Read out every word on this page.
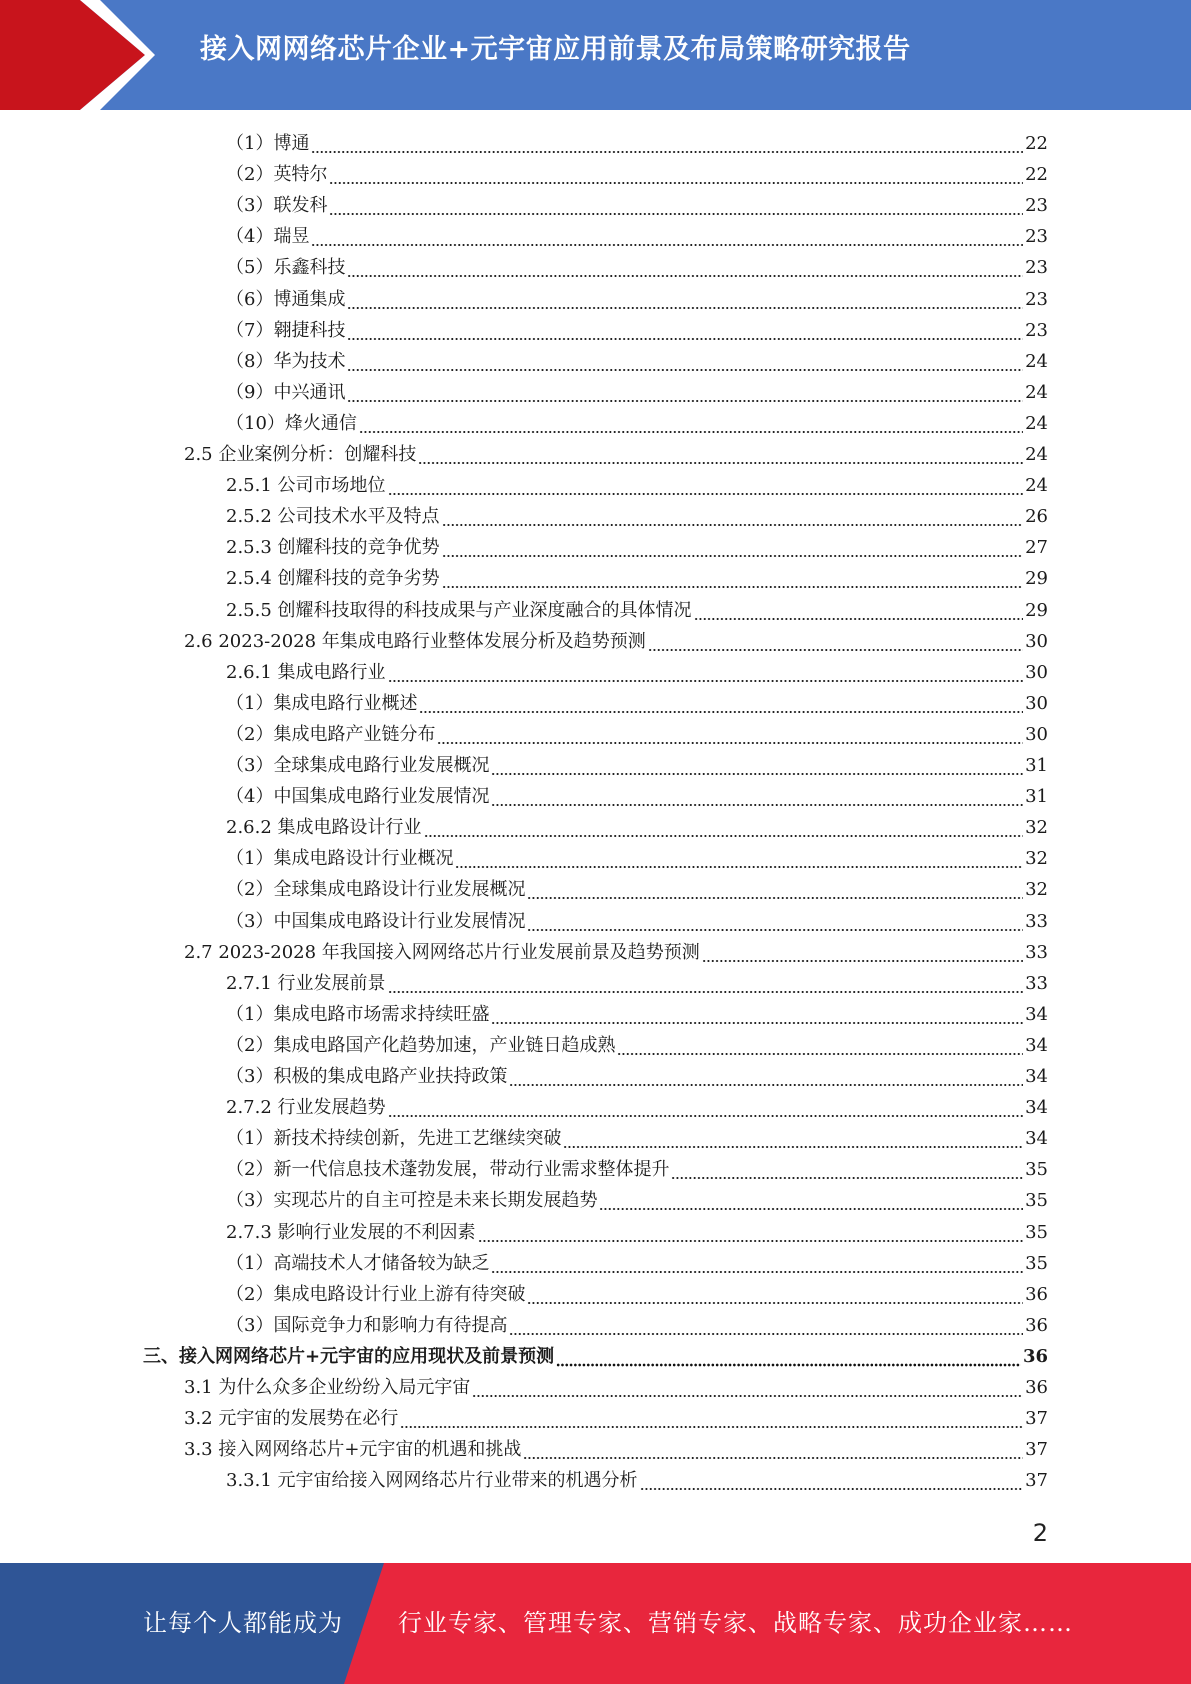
接入网网络芯片企业+元宇宙应用前景及布局策略研究报告
（1）博通	22
（2）英特尔	22
（3）联发科	23
（4）瑞昱	23
（5）乐鑫科技	23
（6）博通集成	23
（7）翱捷科技	23
（8）华为技术	24
（9）中兴通讯	24
（10）烽火通信	24
2.5 企业案例分析：创耀科技	24
2.5.1 公司市场地位	24
2.5.2 公司技术水平及特点	26
2.5.3 创耀科技的竞争优势	27
2.5.4 创耀科技的竞争劣势	29
2.5.5 创耀科技取得的科技成果与产业深度融合的具体情况	29
2.6 2023-2028 年集成电路行业整体发展分析及趋势预测	30
2.6.1 集成电路行业	30
（1）集成电路行业概述	30
（2）集成电路产业链分布	30
（3）全球集成电路行业发展概况	31
（4）中国集成电路行业发展情况	31
2.6.2 集成电路设计行业	32
（1）集成电路设计行业概况	32
（2）全球集成电路设计行业发展概况	32
（3）中国集成电路设计行业发展情况	33
2.7 2023-2028 年我国接入网网络芯片行业发展前景及趋势预测	33
2.7.1 行业发展前景	33
（1）集成电路市场需求持续旺盛	34
（2）集成电路国产化趋势加速，产业链日趋成熟	34
（3）积极的集成电路产业扶持政策	34
2.7.2 行业发展趋势	34
（1）新技术持续创新，先进工艺继续突破	34
（2）新一代信息技术蓬勃发展，带动行业需求整体提升	35
（3）实现芯片的自主可控是未来长期发展趋势	35
2.7.3 影响行业发展的不利因素	35
（1）高端技术人才储备较为缺乏	35
（2）集成电路设计行业上游有待突破	36
（3）国际竞争力和影响力有待提高	36
三、接入网网络芯片+元宇宙的应用现状及前景预测	36
3.1 为什么众多企业纷纷入局元宇宙	36
3.2 元宇宙的发展势在必行	37
3.3 接入网网络芯片+元宇宙的机遇和挑战	37
3.3.1 元宇宙给接入网网络芯片行业带来的机遇分析	37
2
让每个人都能成为 行业专家、管理专家、营销专家、战略专家、成功企业家……
